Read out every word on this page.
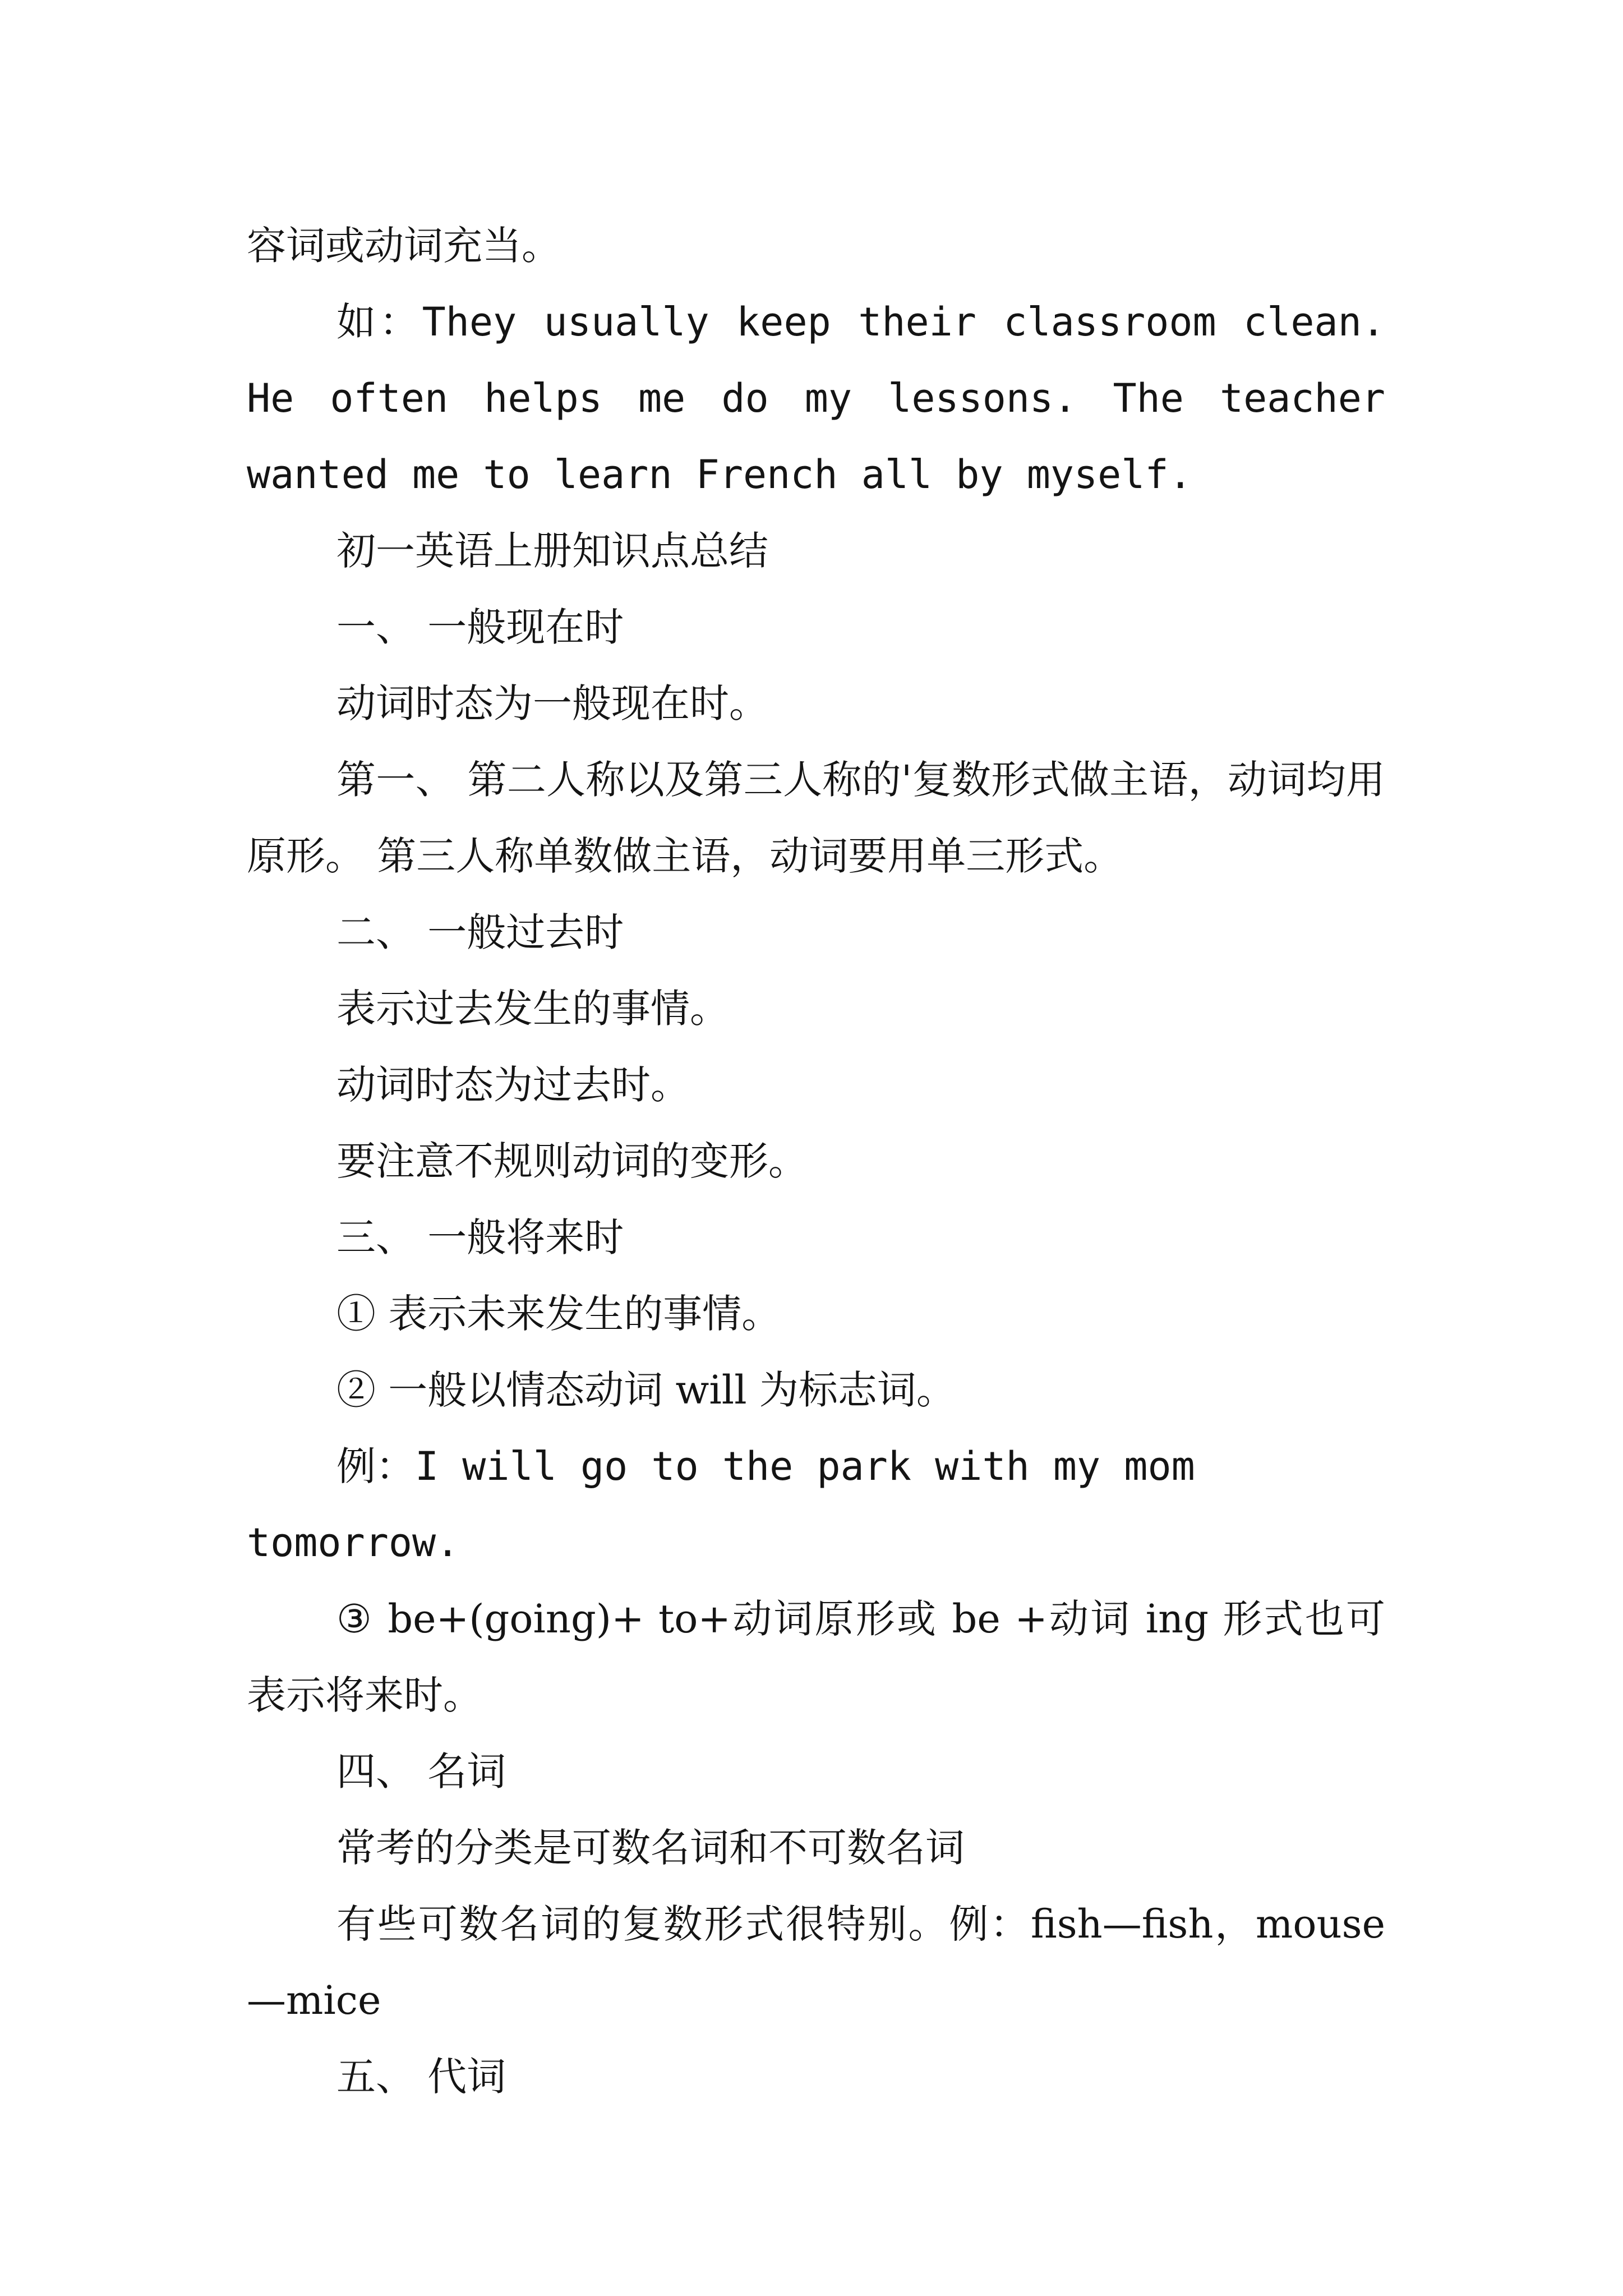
容词或动词充当。

如：They usually keep their classroom clean. He often helps me do my lessons. The teacher wanted me to learn French all by myself.

初一英语上册知识点总结

一、 一般现在时

动词时态为一般现在时。

第一、 第二人称以及第三人称的'复数形式做主语，动词均用原形。 第三人称单数做主语，动词要用单三形式。

二、 一般过去时

表示过去发生的事情。

动词时态为过去时。

要注意不规则动词的变形。

三、 一般将来时

① 表示未来发生的事情。

② 一般以情态动词 will 为标志词。

例：I will go to the park with my mom tomorrow.

③ be+(going)+ to+动词原形或 be +动词 ing 形式也可表示将来时。

四、 名词

常考的分类是可数名词和不可数名词

有些可数名词的复数形式很特别。例：fish—fish，mouse—mice

五、 代词
